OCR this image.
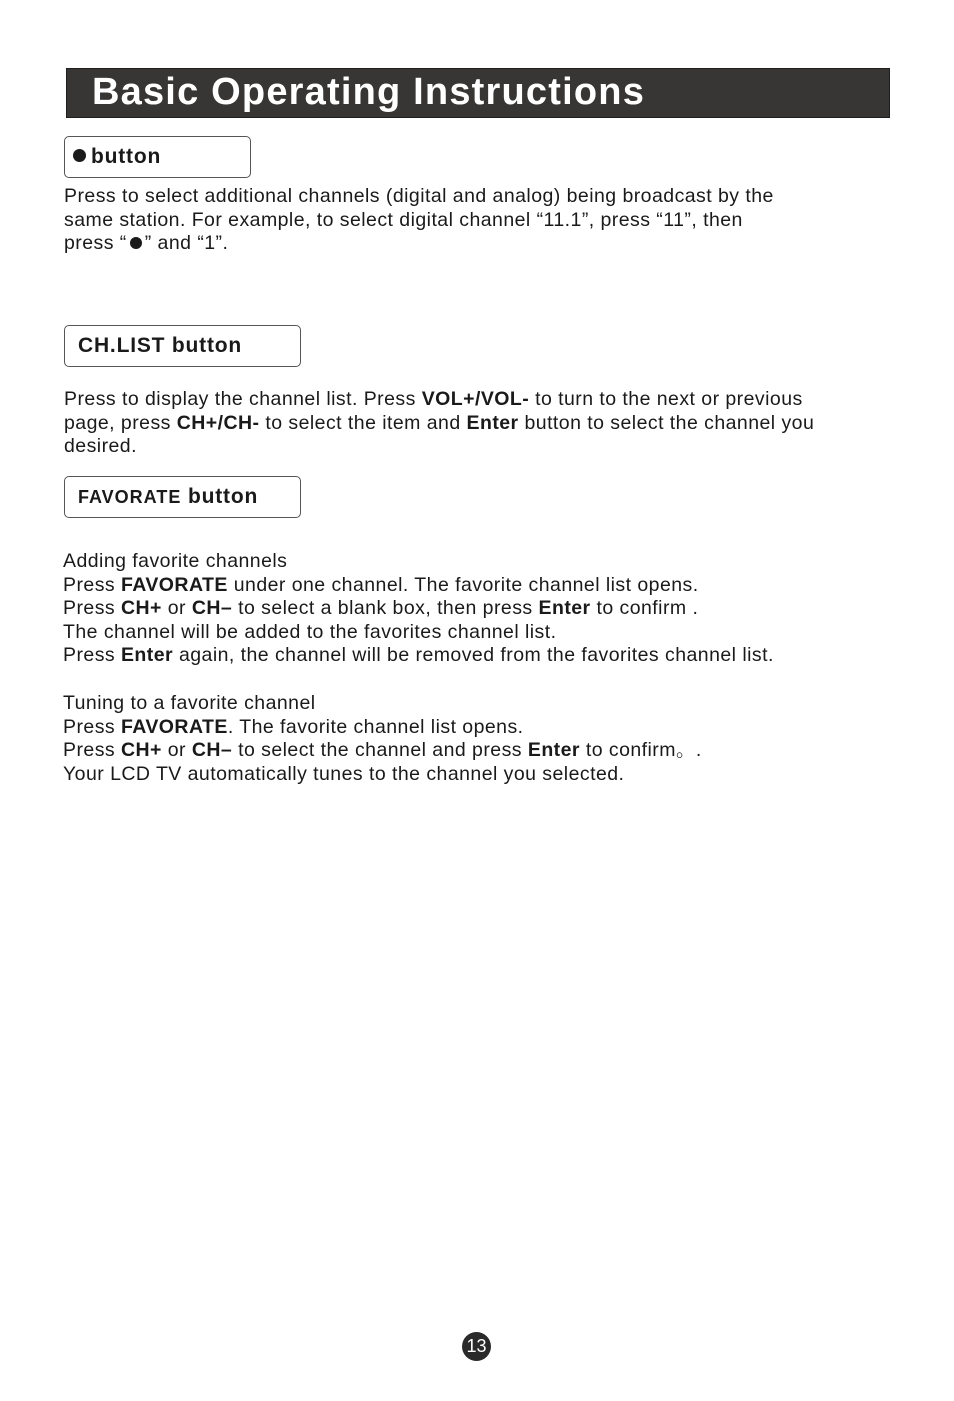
Basic Operating Instructions
button

Press to select additional channels (digital and analog) being broadcast by the
same station. For example, to select digital channel “11.1”, press “11”, then
press “ ” and “1”.

CH.LIST button

Press to display the channel list. Press VOL+/VOL- to turn to the next or previous
page, press CH+/CH- to select the item and Enter button to select the channel you
desired.

FAVORATE button

Adding favorite channels
Press FAVORATE under one channel. The favorite channel list opens.
Press CH+ or CH– to select a blank box, then press Enter to confirm .
The channel will be added to the favorites channel list.
Press Enter again, the channel will be removed from the favorites channel list.

Tuning to a favorite channel
Press FAVORATE. The favorite channel list opens.
Press CH+ or CH– to select the channel and press Enter to confirm。.
Your LCD TV automatically tunes to the channel you selected.

13
